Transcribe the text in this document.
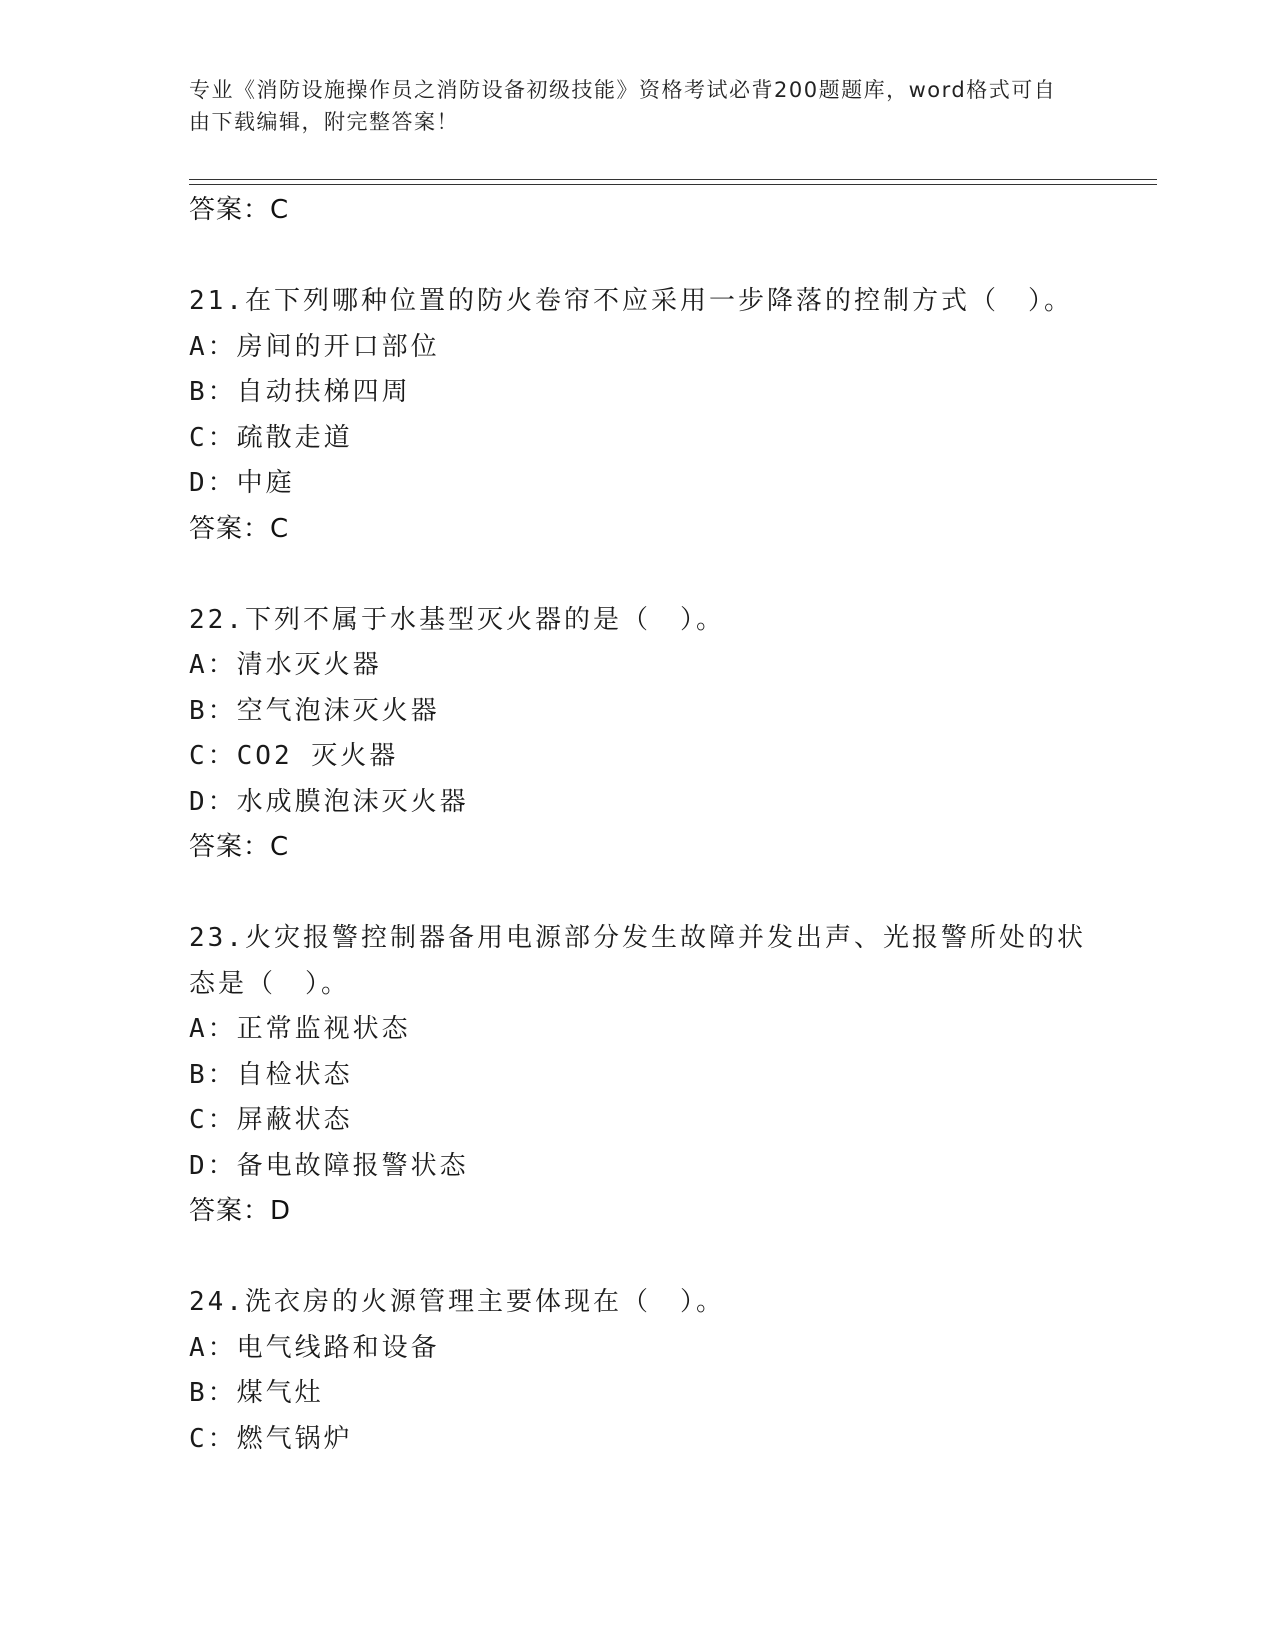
专业《消防设施操作员之消防设备初级技能》资格考试必背200题题库，word格式可自由下载编辑，附完整答案！
答案：C
21.在下列哪种位置的防火卷帘不应采用一步降落的控制方式（　）。
A：房间的开口部位
B：自动扶梯四周
C：疏散走道
D：中庭
答案：C
22.下列不属于水基型灭火器的是（　）。
A：清水灭火器
B：空气泡沫灭火器
C：CO2 灭火器
D：水成膜泡沫灭火器
答案：C
23.火灾报警控制器备用电源部分发生故障并发出声、光报警所处的状
态是（　）。
A：正常监视状态
B：自检状态
C：屏蔽状态
D：备电故障报警状态
答案：D
24.洗衣房的火源管理主要体现在（　）。
A：电气线路和设备
B：煤气灶
C：燃气锅炉
